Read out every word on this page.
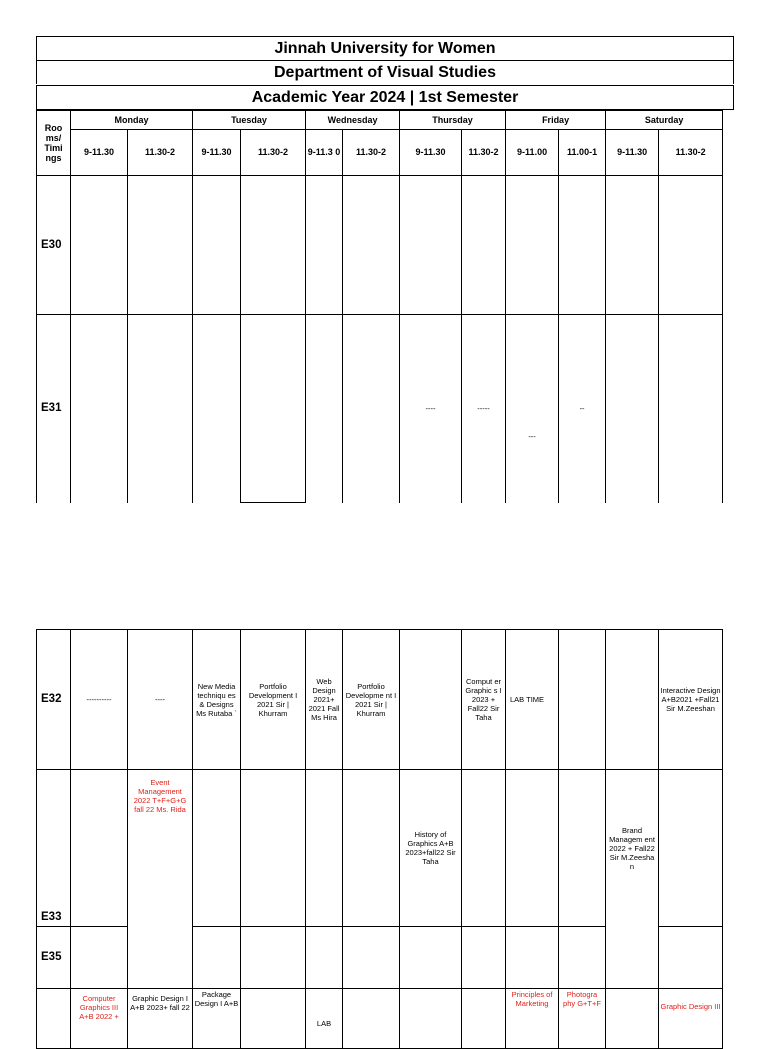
Jinnah University for Women
Department of Visual Studies
Academic Year 2024 | 1st Semester
Roo ms/ Timi ngs	Monday		Tuesday		Wednesday		Thursday		Friday		Saturday	
	9-11.30	11.30-2	9-11.30	11.30-2	9-11.3 0	11.30-2	9-11.30	11.30-2	9-11.00	11.00-1	9-11.30	11.30-2
E30												
E31							----	-----	---	--		
E32	----------	----	New Media techniqu es & Designs Ms Rutaba `	Portfolio Development I 2021 Sir | Khurram	Web Design 2021+ 2021 Fall Ms Hira	Portfolio Developme nt I 2021 Sir | Khurram		Comput er Graphic s I 2023 + Fall22 Sir Taha	LAB TIME			Interactive Design A+B2021 +Fall21 Sir M.Zeeshan

E33		Event Management 2022 T+F+G+G fall 22 Ms. Rida					History of Graphics A+B 2023+fall22 Sir Taha				Brand Managem ent 2022 + Fall22 Sir M.Zeesha n	

E35												

	Computer Graphics III A+B 2022 +	Graphic Design I A+B 2023+ fall 22	Package Design I A+B		LAB				Principles of Marketing	Photogra phy G+T+F		Graphic Design III
